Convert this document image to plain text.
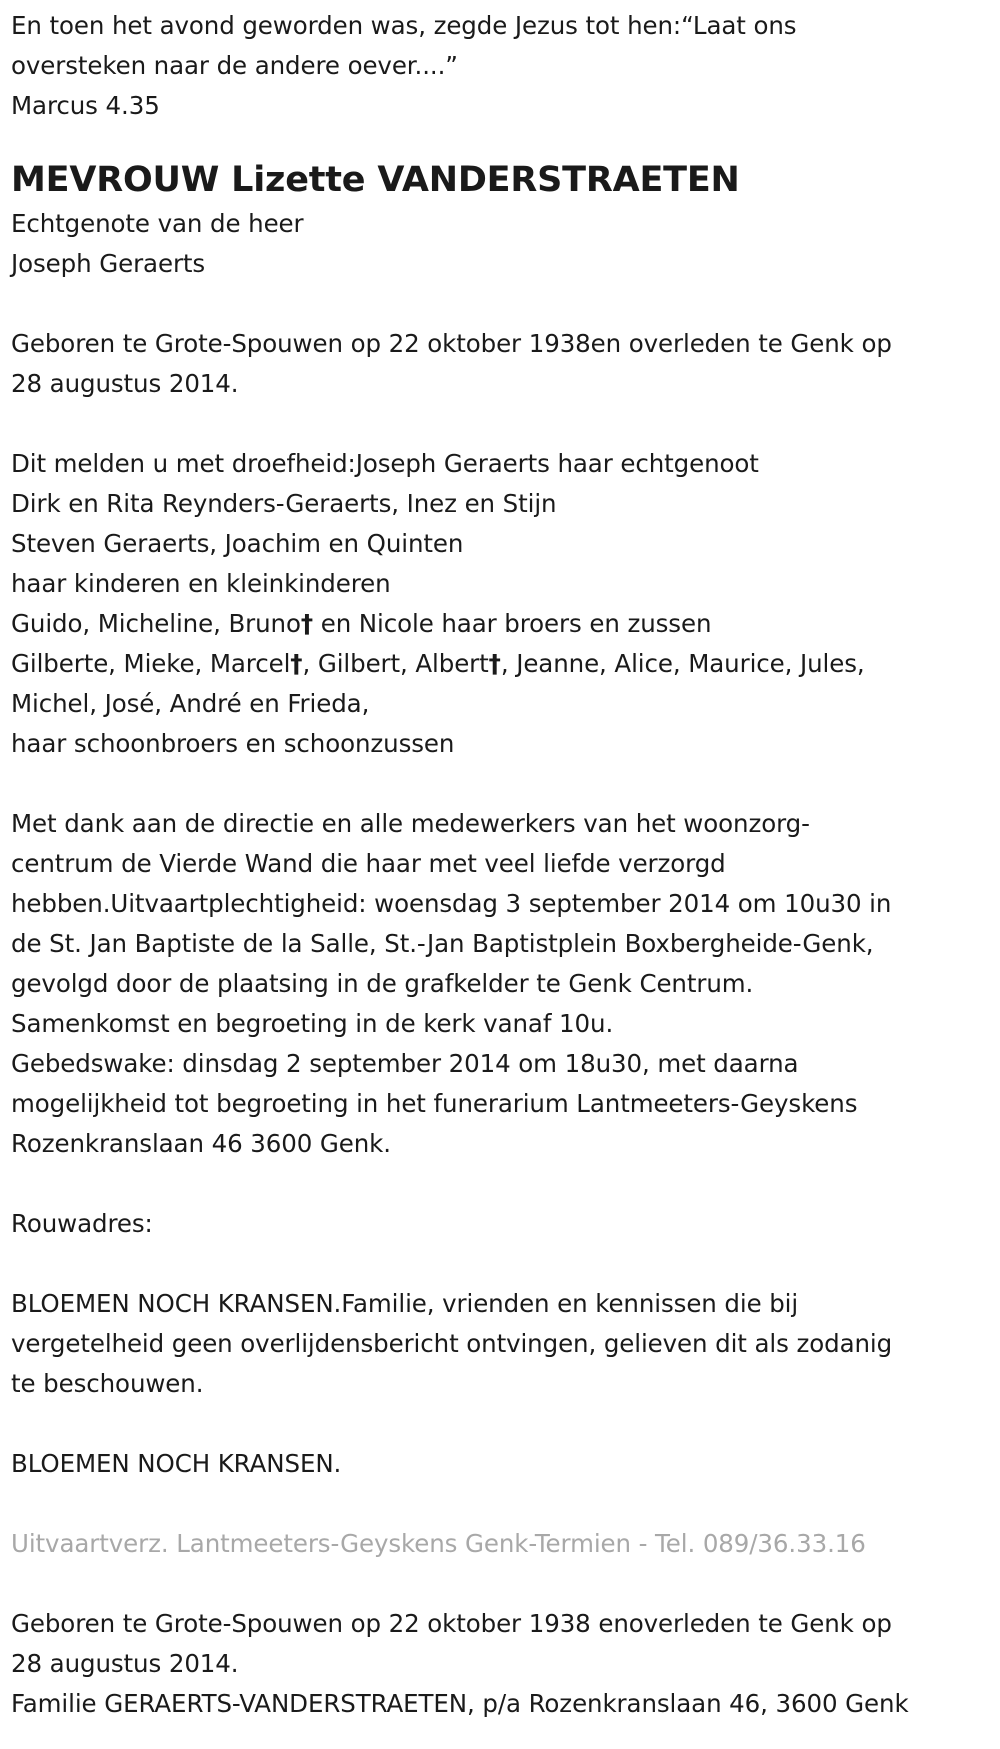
En toen het avond geworden was, zegde Jezus tot hen:“Laat ons
oversteken naar de andere oever....”
Marcus 4.35
MEVROUW Lizette VANDERSTRAETEN
Echtgenote van de heer
Joseph Geraerts
Geboren te Grote-Spouwen op 22 oktober 1938en overleden te Genk op
28 augustus 2014.
Dit melden u met droefheid:Joseph Geraerts haar echtgenoot
Dirk en Rita Reynders-Geraerts, Inez en Stijn
Steven Geraerts, Joachim en Quinten
haar kinderen en kleinkinderen
Guido, Micheline, Bruno† en Nicole haar broers en zussen
Gilberte, Mieke, Marcel†, Gilbert, Albert†, Jeanne, Alice, Maurice, Jules,
Michel, José, André en Frieda,
haar schoonbroers en schoonzussen
Met dank aan de directie en alle medewerkers van het woonzorg-
centrum de Vierde Wand die haar met veel liefde verzorgd
hebben.Uitvaartplechtigheid: woensdag 3 september 2014 om 10u30 in
de St. Jan Baptiste de la Salle, St.-Jan Baptistplein Boxbergheide-Genk,
gevolgd door de plaatsing in de grafkelder te Genk Centrum.
Samenkomst en begroeting in de kerk vanaf 10u.
Gebedswake: dinsdag 2 september 2014 om 18u30, met daarna
mogelijkheid tot begroeting in het funerarium Lantmeeters-Geyskens
Rozenkranslaan 46 3600 Genk.
Rouwadres:
BLOEMEN NOCH KRANSEN.Familie, vrienden en kennissen die bij
vergetelheid geen overlijdensbericht ontvingen, gelieven dit als zodanig
te beschouwen.
BLOEMEN NOCH KRANSEN.
Uitvaartverz. Lantmeeters-Geyskens Genk-Termien - Tel. 089/36.33.16
Geboren te Grote-Spouwen op 22 oktober 1938 enoverleden te Genk op
28 augustus 2014.
Familie GERAERTS-VANDERSTRAETEN, p/a Rozenkranslaan 46, 3600 Genk
